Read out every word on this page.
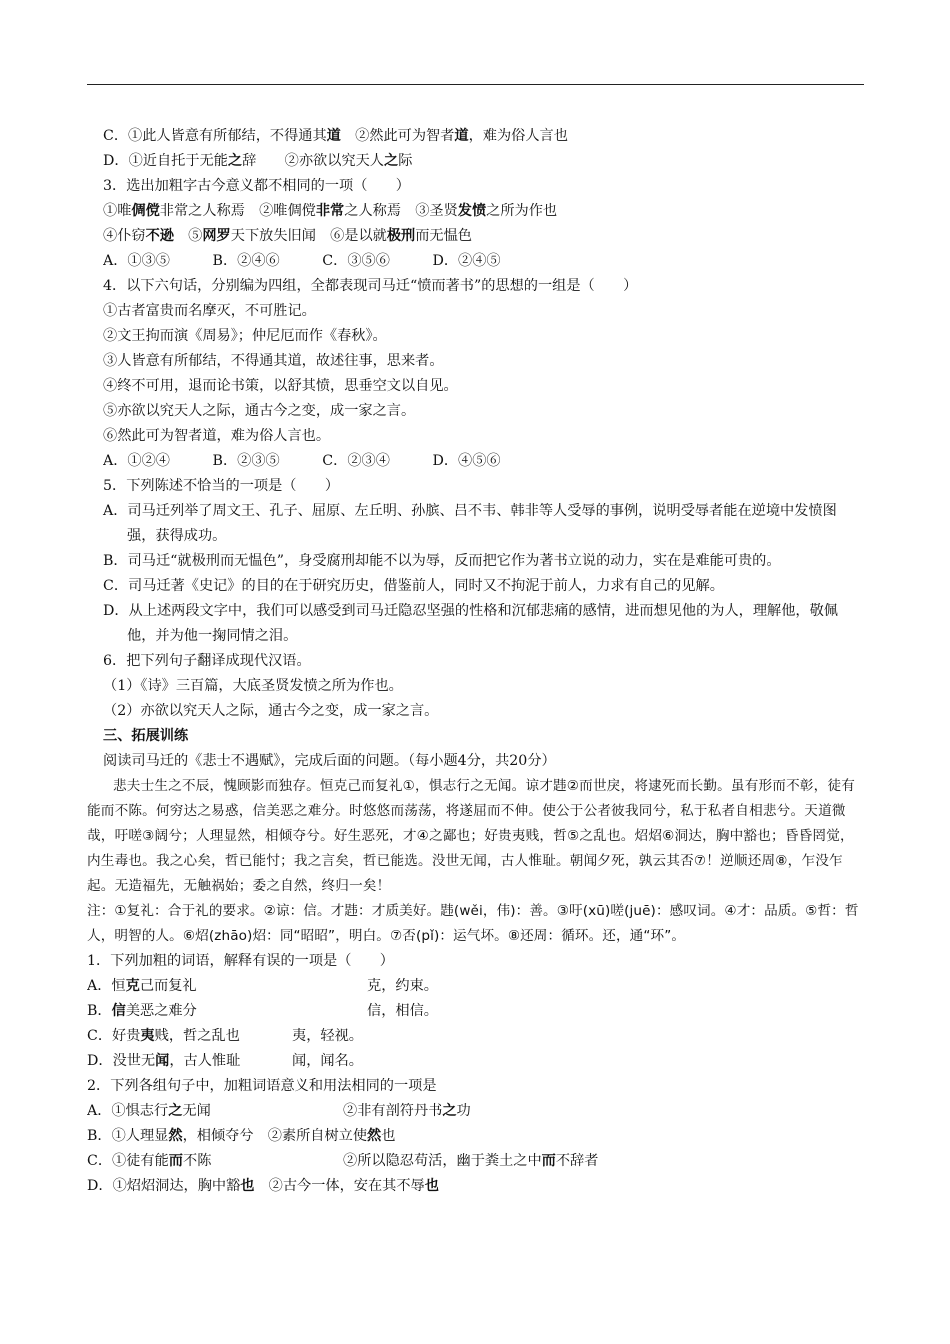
C．①此人皆意有所郁结，不得通其道　②然此可为智者道，难为俗人言也
D．①近自托于无能之辞　　②亦欲以究天人之际
3．选出加粗字古今意义都不相同的一项（　　）
①唯倜傥非常之人称焉　②唯倜傥非常之人称焉　③圣贤发愤之所为作也
④仆窃不逊　⑤网罗天下放失旧闻　⑥是以就极刑而无愠色
A．①③⑤　　　B．②④⑥　　　C．③⑤⑥　　　D．②④⑤
4．以下六句话，分别编为四组，全都表现司马迁“愤而著书”的思想的一组是（　　）
①古者富贵而名摩灭，不可胜记。
②文王拘而演《周易》；仲尼厄而作《春秋》。
③人皆意有所郁结，不得通其道，故述往事，思来者。
④终不可用，退而论书策，以舒其愤，思垂空文以自见。
⑤亦欲以究天人之际，通古今之变，成一家之言。
⑥然此可为智者道，难为俗人言也。
A．①②④　　　B．②③⑤　　　C．②③④　　　D．④⑤⑥
5．下列陈述不恰当的一项是（　　）
A．司马迁列举了周文王、孔子、屈原、左丘明、孙膑、吕不韦、韩非等人受辱的事例，说明受辱者能在逆境中发愤图强，获得成功。
B．司马迁“就极刑而无愠色”，身受腐刑却能不以为辱，反而把它作为著书立说的动力，实在是难能可贵的。
C．司马迁著《史记》的目的在于研究历史，借鉴前人，同时又不拘泥于前人，力求有自己的见解。
D．从上述两段文字中，我们可以感受到司马迁隐忍坚强的性格和沉郁悲痛的感情，进而想见他的为人，理解他，敬佩他，并为他一掬同情之泪。
6．把下列句子翻译成现代汉语。
（1）《诗》三百篇，大底圣贤发愤之所为作也。
（2）亦欲以究天人之际，通古今之变，成一家之言。
三、拓展训练
阅读司马迁的《悲士不遇赋》，完成后面的问题。（每小题4分，共20分）
悲夫士生之不辰，愧顾影而独存。恒克己而复礼①，惧志行之无闻。谅才韪②而世戾，将逮死而长勤。虽有形而不彰，徒有能而不陈。何穷达之易惑，信美恶之难分。时悠悠而荡荡，将遂屈而不伸。使公于公者彼我同兮，私于私者自相悲兮。天道微哉，吁嗟③阔兮；人理显然，相倾夺兮。好生恶死，才④之鄙也；好贵夷贱，哲⑤之乱也。炤炤⑥洞达，胸中豁也；昏昏罔觉，内生毒也。我之心矣，哲已能忖；我之言矣，哲已能选。没世无闻，古人惟耻。朝闻夕死，孰云其否⑦！逆顺还周⑧，乍没乍起。无造福先，无触祸始；委之自然，终归一矣！
注：①复礼：合于礼的要求。②谅：信。才韪：才质美好。韪(wěi，伟)：善。③吁(xū)嗟(juē)：感叹词。④才：品质。⑤哲：哲人，明智的人。⑥炤(zhāo)炤：同“昭昭”，明白。⑦否(pǐ)：运气坏。⑧还周：循环。还，通“环”。
1．下列加粗的词语，解释有误的一项是（　　）
A．恒克己而复礼	克，约束。
B．信美恶之难分	信，相信。
C．好贵夷贱，哲之乱也	夷，轻视。
D．没世无闻，古人惟耻	闻，闻名。
2．下列各组句子中，加粗词语意义和用法相同的一项是
A．①惧志行之无闻	②非有剖符丹书之功
B．①人理显然，相倾夺兮　②素所自树立使然也
C．①徒有能而不陈	②所以隐忍苟活，幽于粪土之中而不辞者
D．①炤炤洞达，胸中豁也　②古今一体，安在其不辱也
